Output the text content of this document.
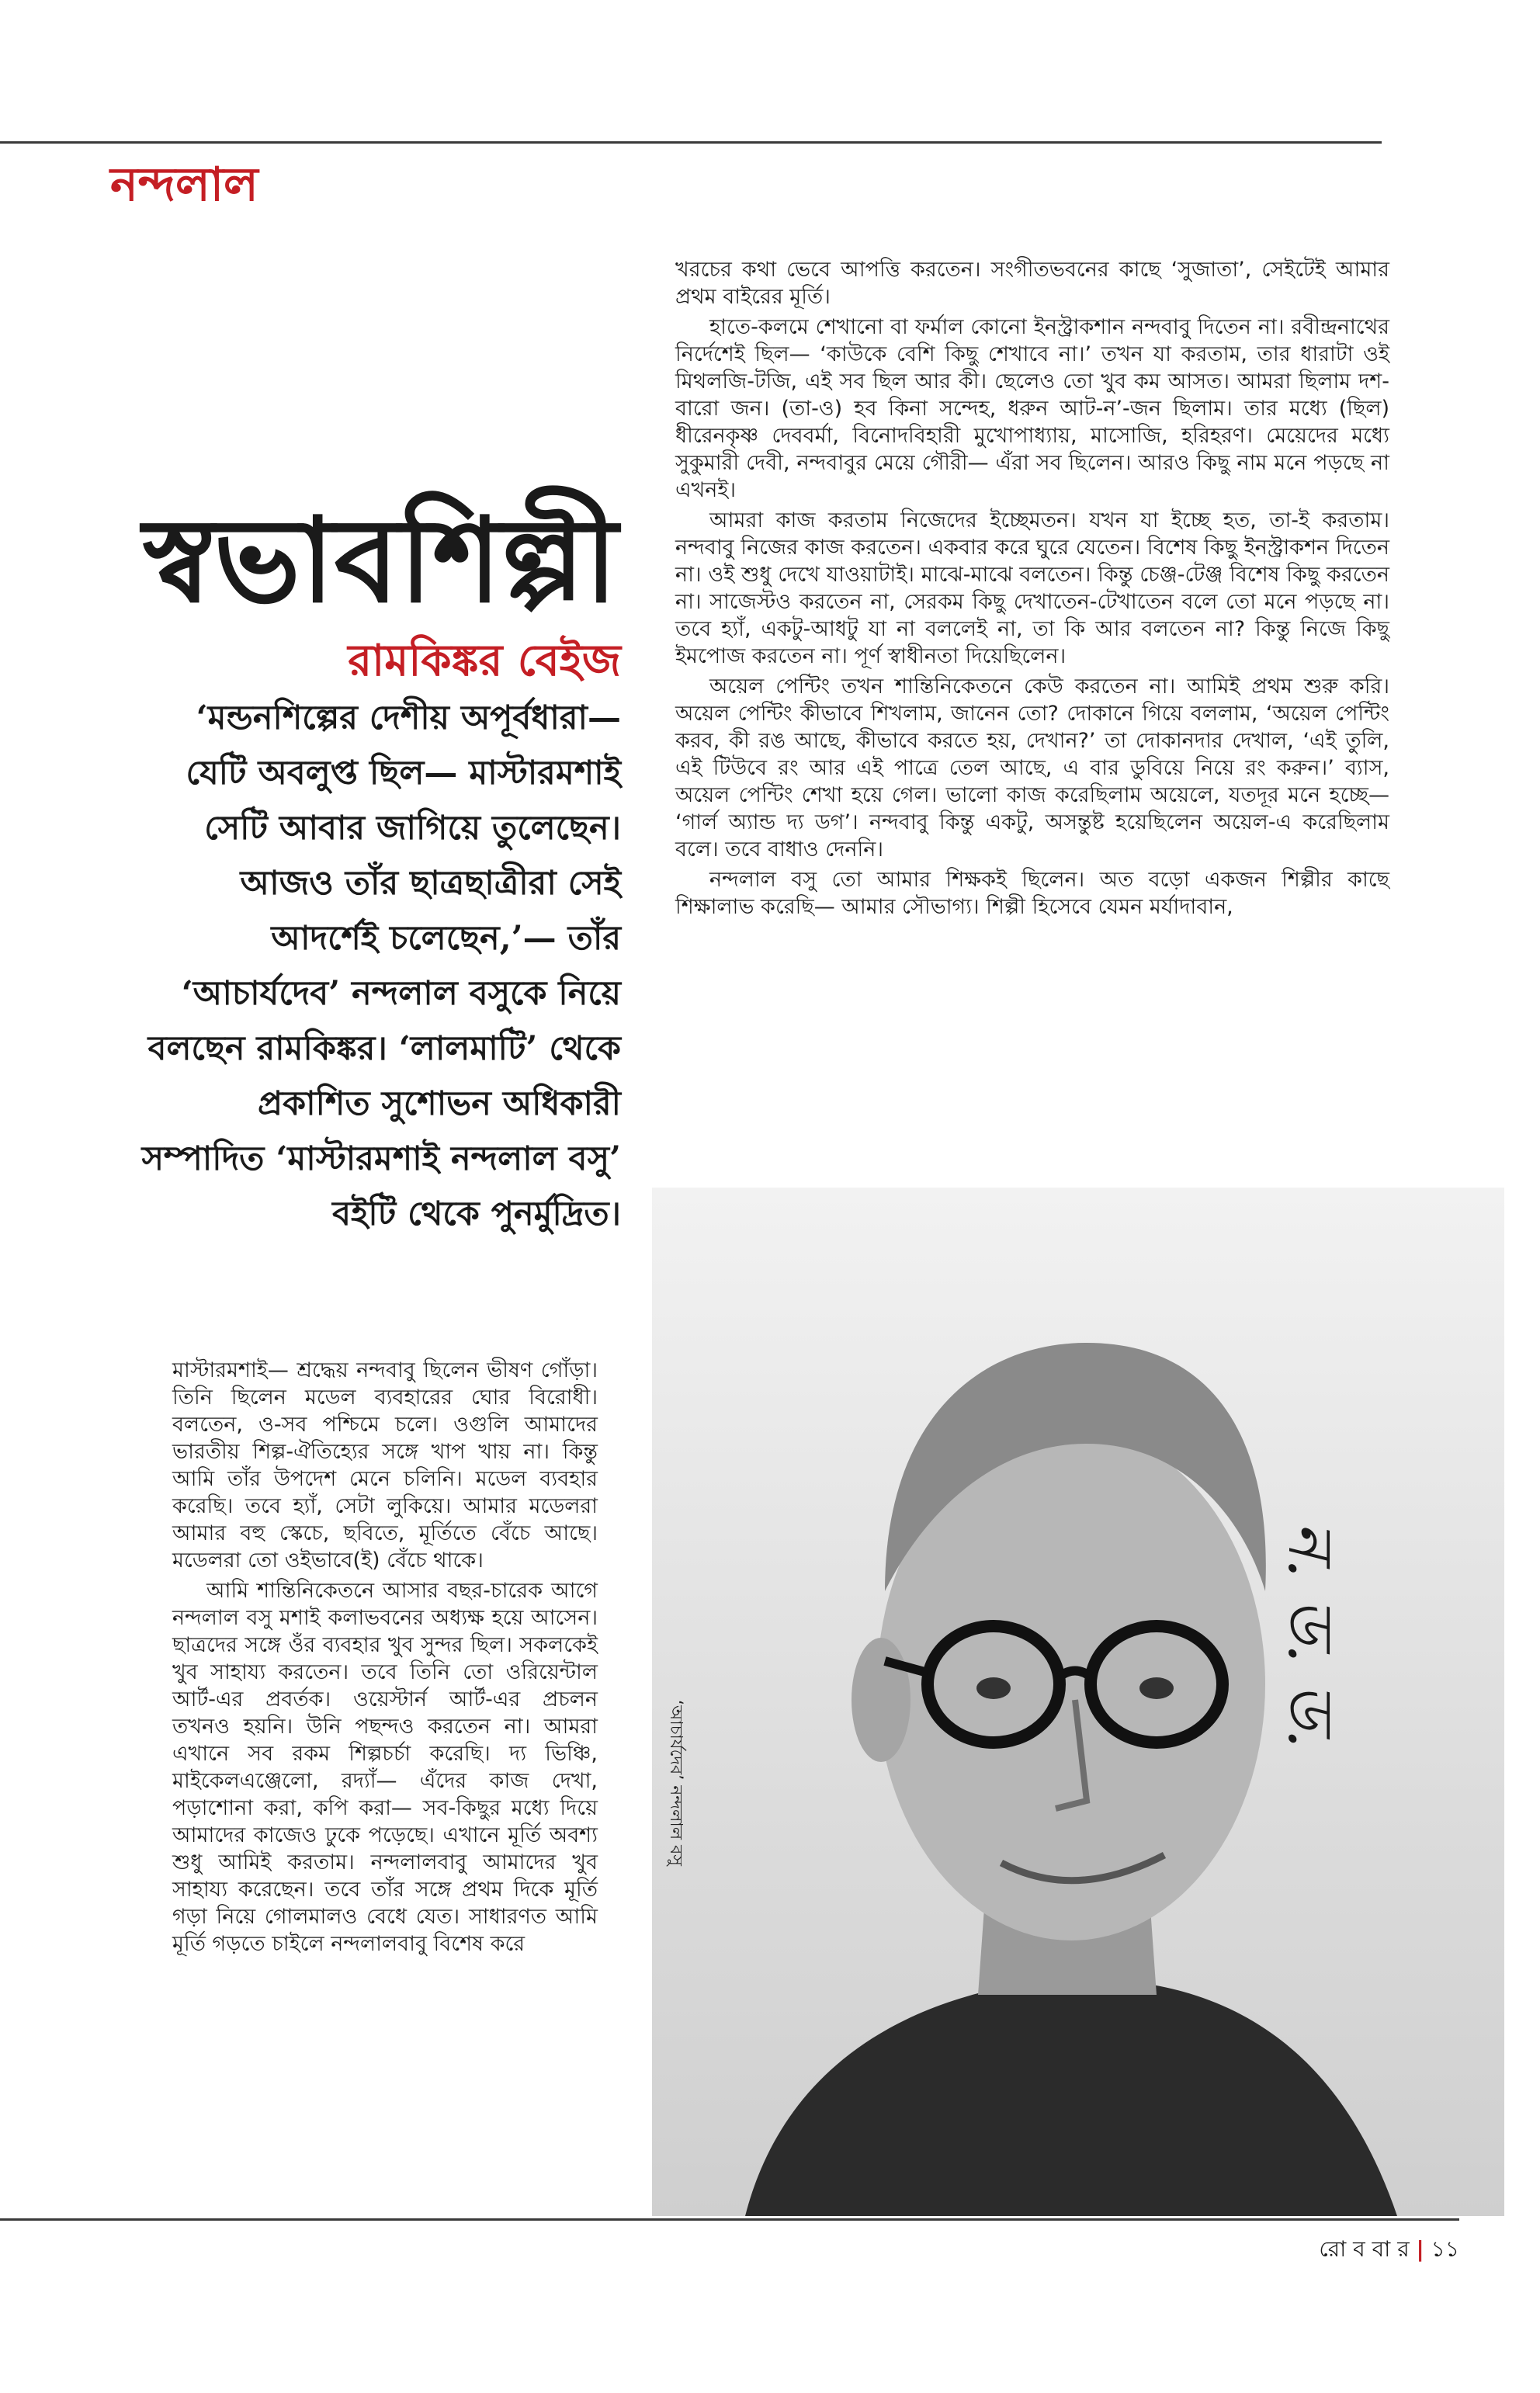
নন্দলাল
স্বভাবশিল্পী
রামকিঙ্কর বেইজ

‘মন্ডনশিল্পের দেশীয় অপূর্বধারা— যেটি অবলুপ্ত ছিল— মাস্টারমশাই সেটি আবার জাগিয়ে তুলেছেন। আজও তাঁর ছাত্রছাত্রীরা সেই আদর্শেই চলেছেন,’— তাঁর ‘আচার্যদেব’ নন্দলাল বসুকে নিয়ে বলছেন রামকিঙ্কর। ‘লালমাটি’ থেকে প্রকাশিত সুশোভন অধিকারী সম্পাদিত ‘মাস্টারমশাই নন্দলাল বসু’ বইটি থেকে পুনর্মুদ্রিত।

মাস্টারমশাই— শ্রদ্ধেয় নন্দবাবু ছিলেন ভীষণ গোঁড়া। তিনি ছিলেন মডেল ব্যবহারের ঘোর বিরোধী। বলতেন, ও-সব পশ্চিমে চলে। ওগুলি আমাদের ভারতীয় শিল্প-ঐতিহ্যের সঙ্গে খাপ খায় না। কিন্তু আমি তাঁর উপদেশ মেনে চলিনি। মডেল ব্যবহার করেছি। তবে হ্যাঁ, সেটা লুকিয়ে। আমার মডেলরা আমার বহু স্কেচে, ছবিতে, মূর্তিতে বেঁচে আছে। মডেলরা তো ওইভাবে(ই) বেঁচে থাকে।

আমি শান্তিনিকেতনে আসার বছর-চারেক আগে নন্দলাল বসু মশাই কলাভবনের অধ্যক্ষ হয়ে আসেন। ছাত্রদের সঙ্গে ওঁর ব্যবহার খুব সুন্দর ছিল। সকলকেই খুব সাহায্য করতেন। তবে তিনি তো ওরিয়েন্টাল আর্ট-এর প্রবর্তক। ওয়েস্টার্ন আর্ট-এর প্রচলন তখনও হয়নি। উনি পছন্দও করতেন না। আমরা এখানে সব রকম শিল্পচর্চা করেছি। দ্য ভিঞ্চি, মাইকেলএঞ্জেলো, রদ্যাঁ— এঁদের কাজ দেখা, পড়াশোনা করা, কপি করা— সব-কিছুর মধ্যে দিয়ে আমাদের কাজেও ঢুকে পড়েছে। এখানে মূর্তি অবশ্য শুধু আমিই করতাম। নন্দলালবাবু আমাদের খুব সাহায্য করেছেন। তবে তাঁর সঙ্গে প্রথম দিকে মূর্তি গড়া নিয়ে গোলমালও বেধে যেত। সাধারণত আমি মূর্তি গড়তে চাইলে নন্দলালবাবু বিশেষ করে

খরচের কথা ভেবে আপত্তি করতেন। সংগীতভবনের কাছে ‘সুজাতা’, সেইটেই আমার প্রথম বাইরের মূর্তি।

হাতে-কলমে শেখানো বা ফর্মাল কোনো ইনস্ট্রাকশান নন্দবাবু দিতেন না। রবীন্দ্রনাথের নির্দেশেই ছিল— ‘কাউকে বেশি কিছু শেখাবে না।’ তখন যা করতাম, তার ধারাটা ওই মিথলজি-টজি, এই সব ছিল আর কী। ছেলেও তো খুব কম আসত। আমরা ছিলাম দশ-বারো জন। (তা-ও) হব কিনা সন্দেহ, ধরুন আট-ন’-জন ছিলাম। তার মধ্যে (ছিল) ধীরেনকৃষ্ণ দেববর্মা, বিনোদবিহারী মুখোপাধ্যায়, মাসোজি, হরিহরণ। মেয়েদের মধ্যে সুকুমারী দেবী, নন্দবাবুর মেয়ে গৌরী— এঁরা সব ছিলেন। আরও কিছু নাম মনে পড়ছে না এখনই।

আমরা কাজ করতাম নিজেদের ইচ্ছেমতন। যখন যা ইচ্ছে হত, তা-ই করতাম। নন্দবাবু নিজের কাজ করতেন। একবার করে ঘুরে যেতেন। বিশেষ কিছু ইনস্ট্রাকশন দিতেন না। ওই শুধু দেখে যাওয়াটাই। মাঝে-মাঝে বলতেন। কিন্তু চেঞ্জ-টেঞ্জ বিশেষ কিছু করতেন না। সাজেস্টও করতেন না, সেরকম কিছু দেখাতেন-টেখাতেন বলে তো মনে পড়ছে না। তবে হ্যাঁ, একটু-আধটু যা না বললেই না, তা কি আর বলতেন না? কিন্তু নিজে কিছু ইমপোজ করতেন না। পূর্ণ স্বাধীনতা দিয়েছিলেন।

অয়েল পেন্টিং তখন শান্তিনিকেতনে কেউ করতেন না। আমিই প্রথম শুরু করি। অয়েল পেন্টিং কীভাবে শিখলাম, জানেন তো? দোকানে গিয়ে বললাম, ‘অয়েল পেন্টিং করব, কী রঙ আছে, কীভাবে করতে হয়, দেখান?’ তা দোকানদার দেখাল, ‘এই তুলি, এই টিউবে রং আর এই পাত্রে তেল আছে, এ বার ডুবিয়ে নিয়ে রং করুন।’ ব্যাস, অয়েল পেন্টিং শেখা হয়ে গেল। ভালো কাজ করেছিলাম অয়েলে, যতদূর মনে হচ্ছে— ‘গার্ল অ্যান্ড দ্য ডগ’। নন্দবাবু কিন্তু একটু, অসন্তুষ্ট হয়েছিলেন অয়েল-এ করেছিলাম বলে। তবে বাধাও দেননি।

নন্দলাল বসু তো আমার শিক্ষকই ছিলেন। অত বড়ো একজন শিল্পীর কাছে শিক্ষালাভ করেছি— আমার সৌভাগ্য। শিল্পী হিসেবে যেমন মর্যাদাবান,

‘আচার্যদেব’ নন্দলাল বসু
ন. ড. ড.
রো ব বা র | ১১
